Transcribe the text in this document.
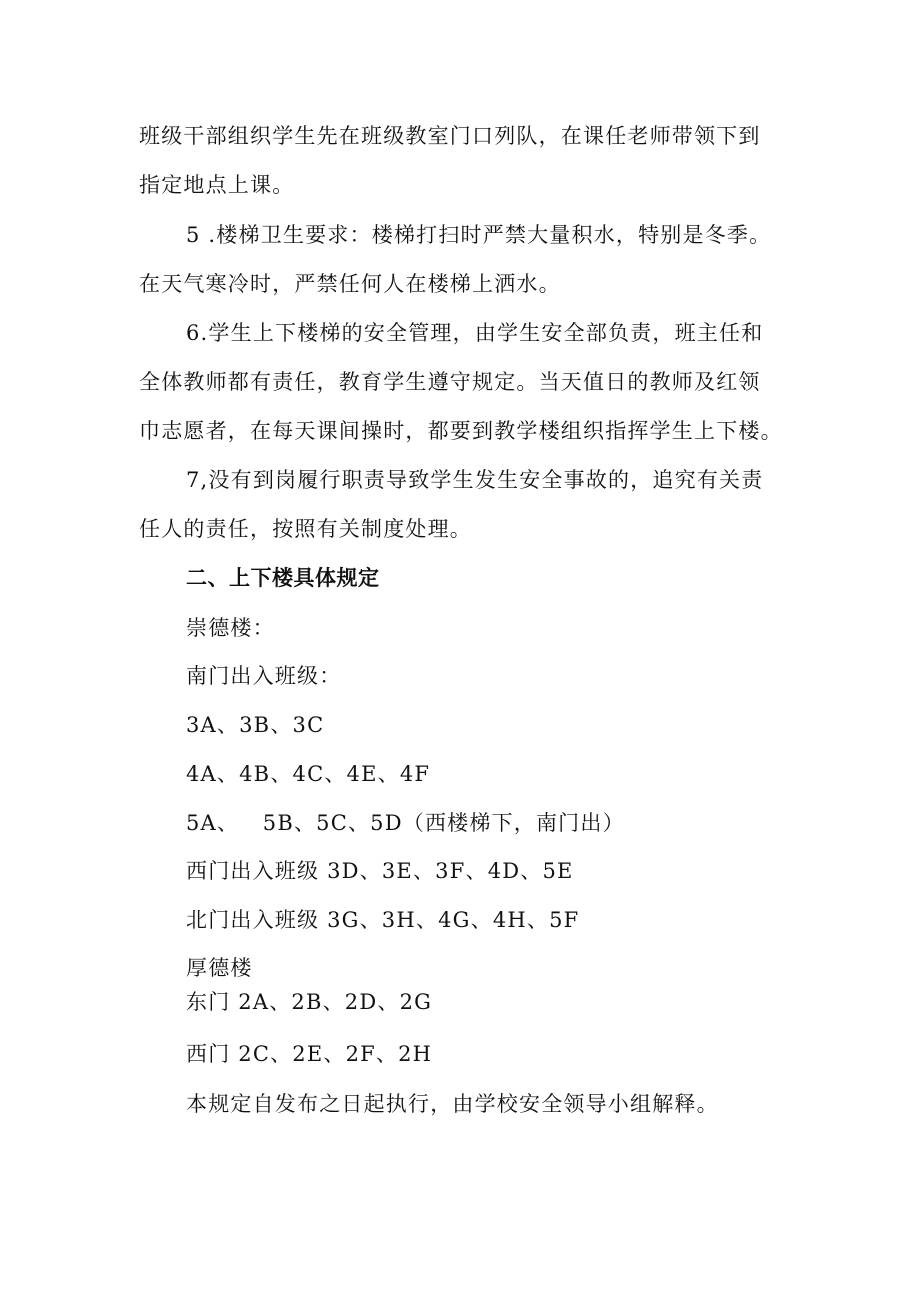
班级干部组织学生先在班级教室门口列队，在课任老师带领下到
指定地点上课。
5 .楼梯卫生要求：楼梯打扫时严禁大量积水，特别是冬季。
在天气寒冷时，严禁任何人在楼梯上洒水。
6.学生上下楼梯的安全管理，由学生安全部负责，班主任和
全体教师都有责任，教育学生遵守规定。当天值日的教师及红领
巾志愿者，在每天课间操时，都要到教学楼组织指挥学生上下楼。
7,没有到岗履行职责导致学生发生安全事故的，追究有关责
任人的责任，按照有关制度处理。
二、上下楼具体规定
崇德楼：
南门出入班级：
3A、3B、3C
4A、4B、4C、4E、4F
5A、   5B、5C、5D（西楼梯下，南门出）
西门出入班级 3D、3E、3F、4D、5E
北门出入班级 3G、3H、4G、4H、5F
厚德楼
东门 2A、2B、2D、2G
西门 2C、2E、2F、2H
本规定自发布之日起执行，由学校安全领导小组解释。
